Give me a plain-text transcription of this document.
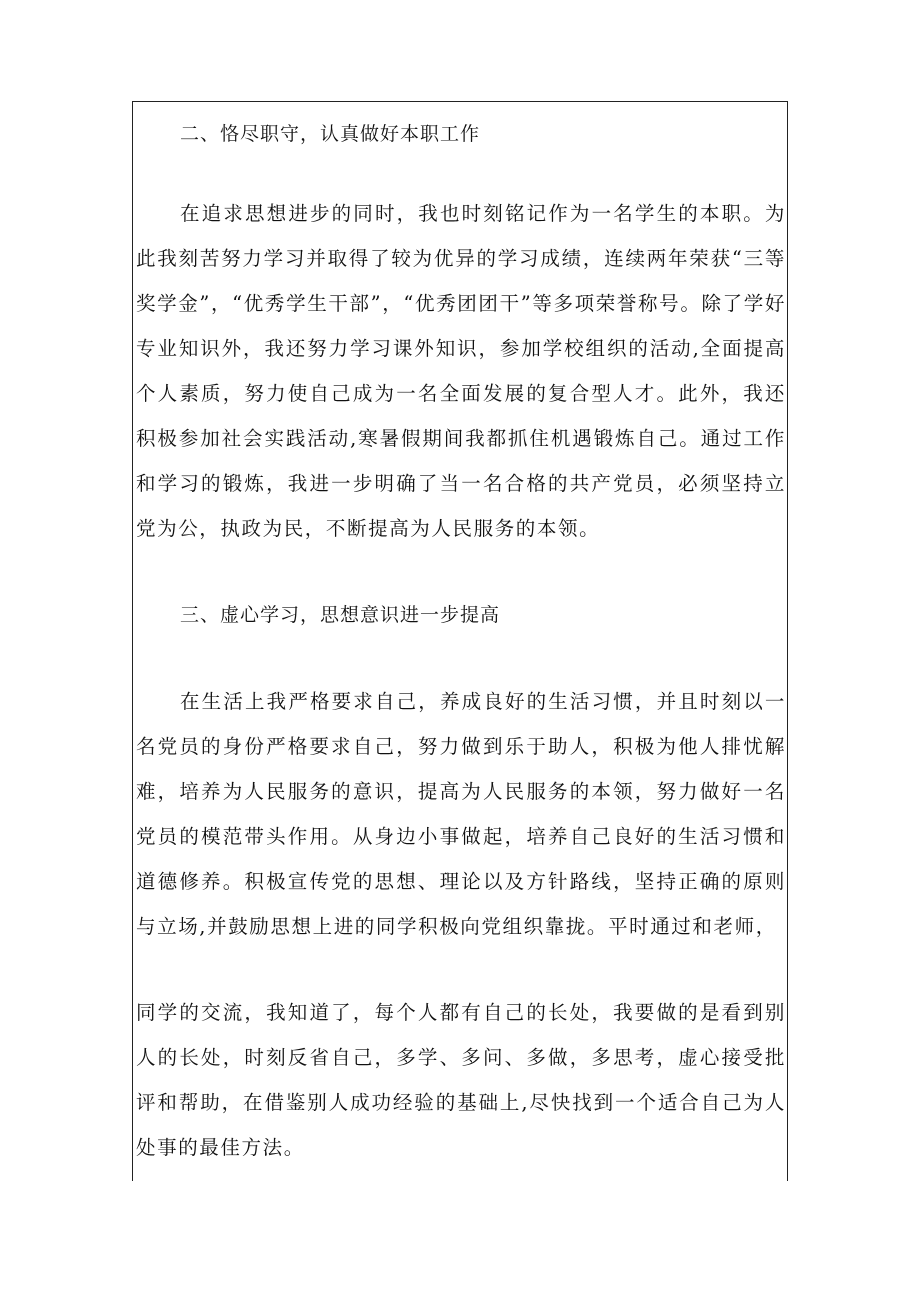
二、恪尽职守，认真做好本职工作

在追求思想进步的同时，我也时刻铭记作为一名学生的本职。为此我刻苦努力学习并取得了较为优异的学习成绩，连续两年荣获“三等奖学金”，“优秀学生干部”，“优秀团团干”等多项荣誉称号。除了学好专业知识外，我还努力学习课外知识，参加学校组织的活动,全面提高个人素质，努力使自己成为一名全面发展的复合型人才。此外，我还积极参加社会实践活动,寒暑假期间我都抓住机遇锻炼自己。通过工作和学习的锻炼，我进一步明确了当一名合格的共产党员，必须坚持立党为公，执政为民，不断提高为人民服务的本领。

三、虚心学习，思想意识进一步提高

在生活上我严格要求自己，养成良好的生活习惯，并且时刻以一名党员的身份严格要求自己，努力做到乐于助人，积极为他人排忧解难，培养为人民服务的意识，提高为人民服务的本领，努力做好一名党员的模范带头作用。从身边小事做起，培养自己良好的生活习惯和道德修养。积极宣传党的思想、理论以及方针路线，坚持正确的原则与立场,并鼓励思想上进的同学积极向党组织靠拢。平时通过和老师，

同学的交流，我知道了，每个人都有自己的长处，我要做的是看到别人的长处，时刻反省自己，多学、多问、多做，多思考，虚心接受批评和帮助，在借鉴别人成功经验的基础上,尽快找到一个适合自己为人处事的最佳方法。
